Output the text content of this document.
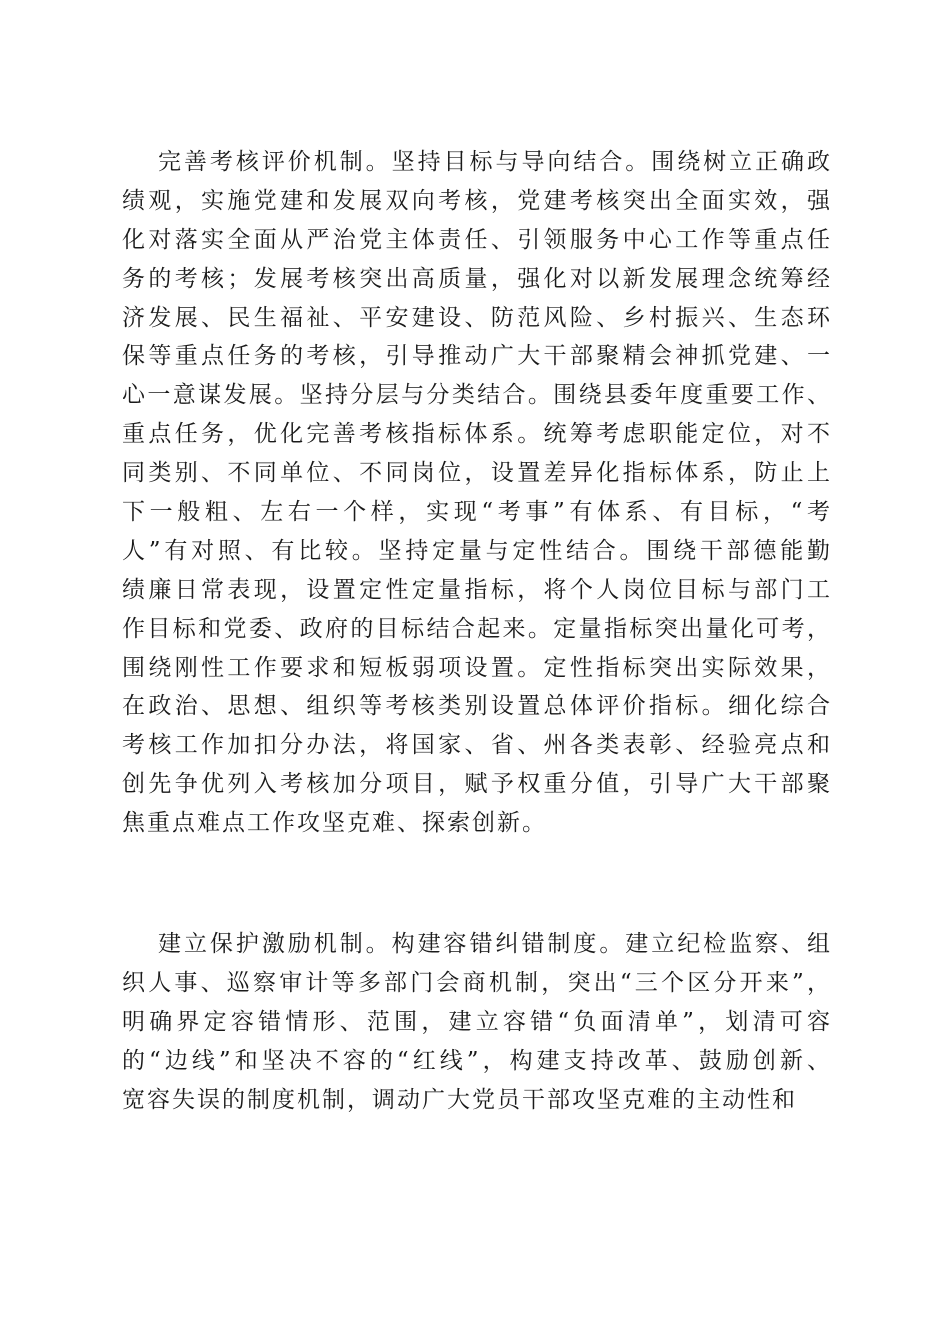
完善考核评价机制。坚持目标与导向结合。围绕树立正确政
绩观，实施党建和发展双向考核，党建考核突出全面实效，强
化对落实全面从严治党主体责任、引领服务中心工作等重点任
务的考核；发展考核突出高质量，强化对以新发展理念统筹经
济发展、民生福祉、平安建设、防范风险、乡村振兴、生态环
保等重点任务的考核，引导推动广大干部聚精会神抓党建、一
心一意谋发展。坚持分层与分类结合。围绕县委年度重要工作、
重点任务，优化完善考核指标体系。统筹考虑职能定位，对不
同类别、不同单位、不同岗位，设置差异化指标体系，防止上
下一般粗、左右一个样，实现“考事”有体系、有目标，“考
人”有对照、有比较。坚持定量与定性结合。围绕干部德能勤
绩廉日常表现，设置定性定量指标，将个人岗位目标与部门工
作目标和党委、政府的目标结合起来。定量指标突出量化可考，
围绕刚性工作要求和短板弱项设置。定性指标突出实际效果，
在政治、思想、组织等考核类别设置总体评价指标。细化综合
考核工作加扣分办法，将国家、省、州各类表彰、经验亮点和
创先争优列入考核加分项目，赋予权重分值，引导广大干部聚
焦重点难点工作攻坚克难、探索创新。
建立保护激励机制。构建容错纠错制度。建立纪检监察、组
织人事、巡察审计等多部门会商机制，突出“三个区分开来”，
明确界定容错情形、范围，建立容错“负面清单”，划清可容
的“边线”和坚决不容的“红线”，构建支持改革、鼓励创新、
宽容失误的制度机制，调动广大党员干部攻坚克难的主动性和
